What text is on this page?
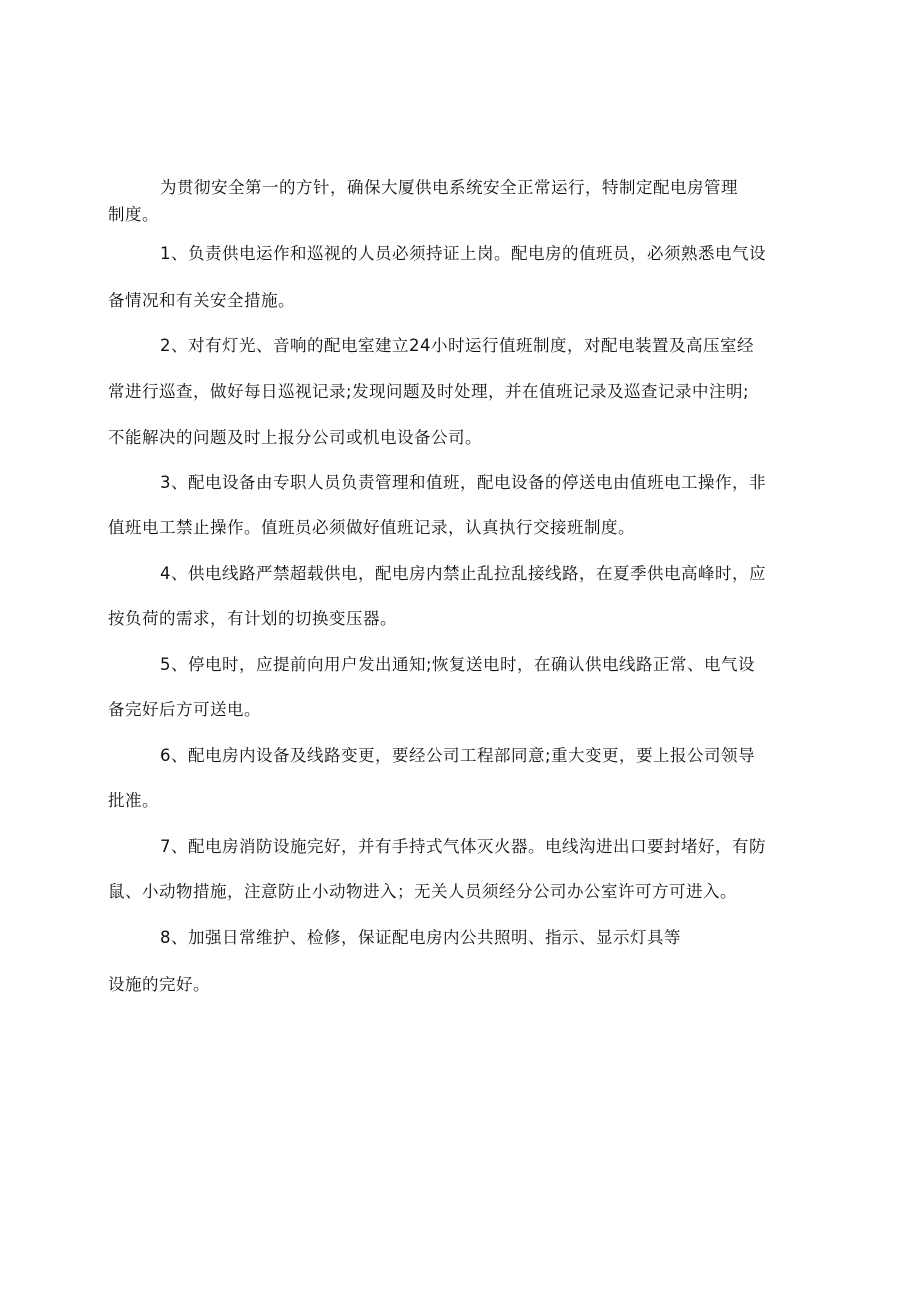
为贯彻安全第一的方针，确保大厦供电系统安全正常运行，特制定配电房管理
制度。
1、负责供电运作和巡视的人员必须持证上岗。配电房的值班员，必须熟悉电气设
备情况和有关安全措施。
2、对有灯光、音响的配电室建立24小时运行值班制度，对配电装置及高压室经
常进行巡查，做好每日巡视记录;发现问题及时处理，并在值班记录及巡查记录中注明;
不能解决的问题及时上报分公司或机电设备公司。
3、配电设备由专职人员负责管理和值班，配电设备的停送电由值班电工操作，非
值班电工禁止操作。值班员必须做好值班记录，认真执行交接班制度。
4、供电线路严禁超载供电，配电房内禁止乱拉乱接线路，在夏季供电高峰时，应
按负荷的需求，有计划的切换变压器。
5、停电时，应提前向用户发出通知;恢复送电时，在确认供电线路正常、电气设
备完好后方可送电。
6、配电房内设备及线路变更，要经公司工程部同意;重大变更，要上报公司领导
批准。
7、配电房消防设施完好，并有手持式气体灭火器。电线沟进出口要封堵好，有防
鼠、小动物措施，注意防止小动物进入；无关人员须经分公司办公室许可方可进入。
8、加强日常维护、检修，保证配电房内公共照明、指示、显示灯具等
设施的完好。
